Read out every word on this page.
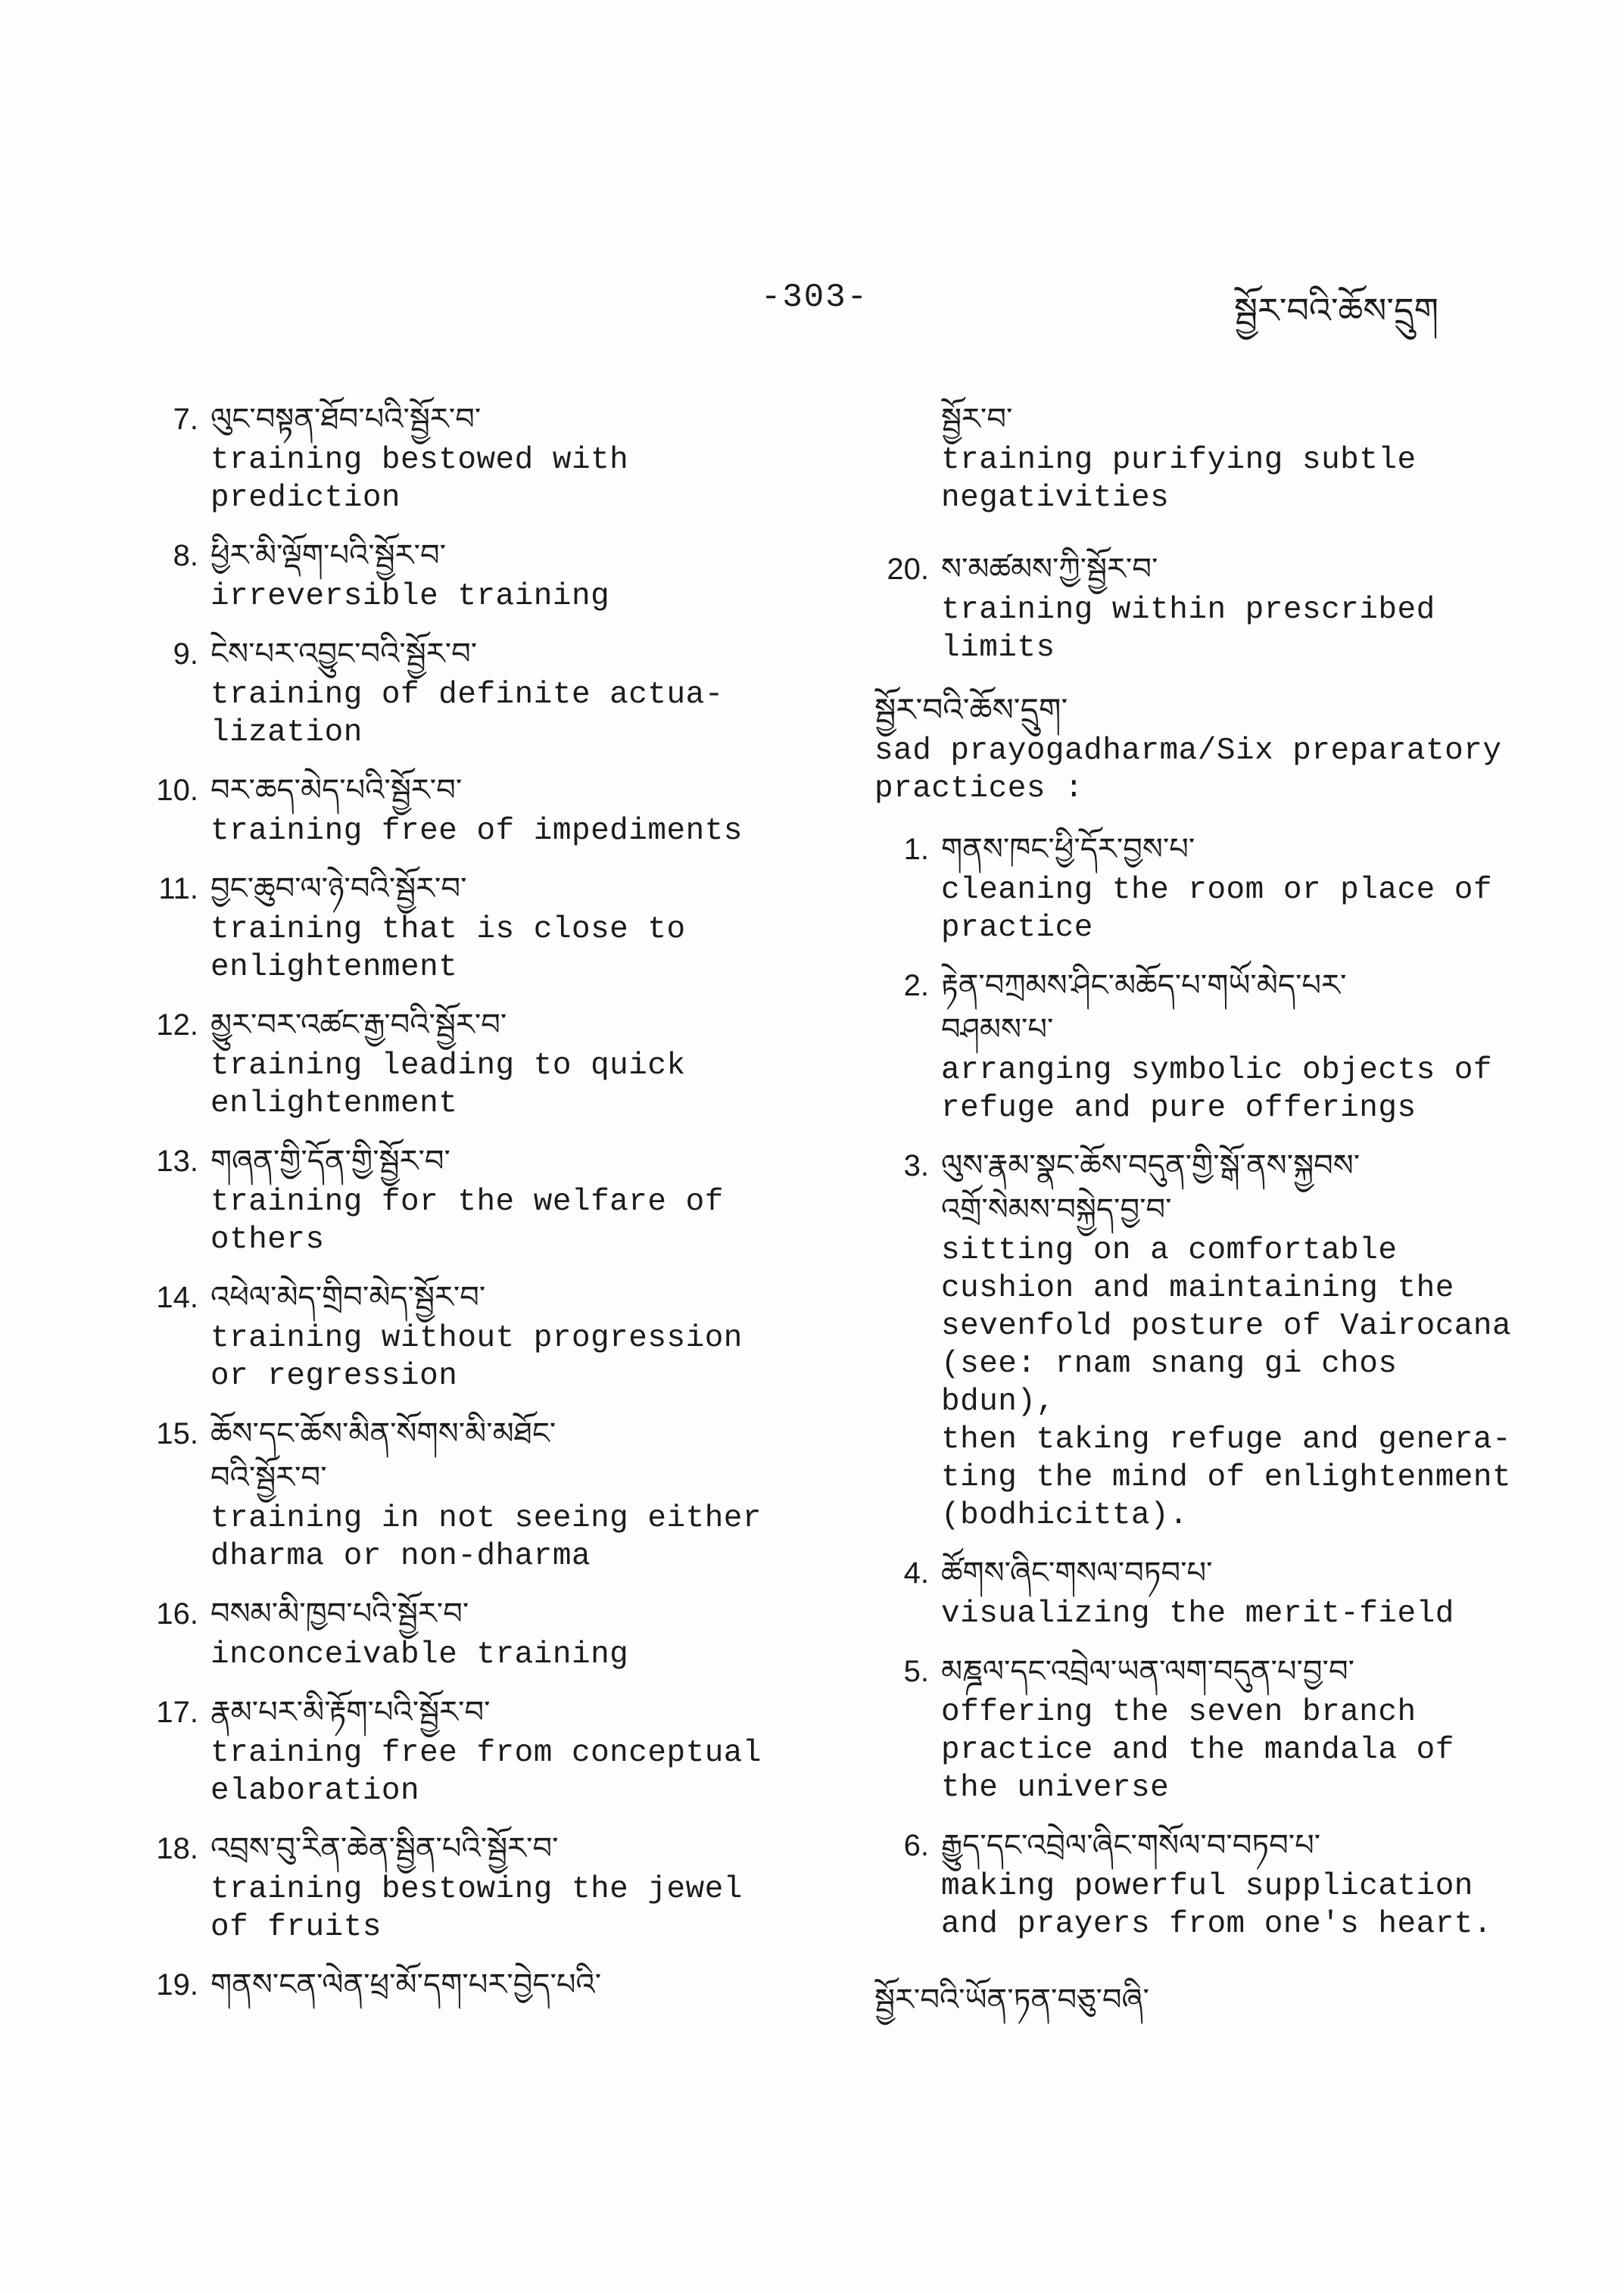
-303-	སྦྱོར་བའི་ཆོས་དྲུག
7. ལུང་བསྟན་ཐོབ་པའི་སྦྱོར་བ་
training bestowed with
prediction
8. ཕྱིར་མི་ལྡོག་པའི་སྦྱོར་བ་
irreversible training
9. ངེས་པར་འབྱུང་བའི་སྦྱོར་བ་
training of definite actua-
lization
10. བར་ཆད་མེད་པའི་སྦྱོར་བ་
training free of impediments
11. བྱང་ཆུབ་ལ་ཉེ་བའི་སྦྱོར་བ་
training that is close to
enlightenment
12. མྱུར་བར་འཚང་རྒྱ་བའི་སྦྱོར་བ་
training leading to quick
enlightenment
13. གཞན་གྱི་དོན་གྱི་སྦྱོར་བ་
training for the welfare of
others
14. འཕེལ་མེད་གྲིབ་མེད་སྦྱོར་བ་
training without progression
or regression
15. ཆོས་དང་ཆོས་མིན་སོགས་མི་མཐོང་
བའི་སྦྱོར་བ་
training in not seeing either
dharma or non-dharma
16. བསམ་མི་ཁྱབ་པའི་སྦྱོར་བ་
inconceivable training
17. རྣམ་པར་མི་རྟོག་པའི་སྦྱོར་བ་
training free from conceptual
elaboration
18. འབྲས་བུ་རིན་ཆེན་སྦྱིན་པའི་སྦྱོར་བ་
training bestowing the jewel
of fruits
19. གནས་ངན་ལེན་ཕྲ་མོ་དག་པར་བྱེད་པའི་
སྦྱོར་བ་
training purifying subtle
negativities
20. ས་མཚམས་ཀྱི་སྦྱོར་བ་
training within prescribed
limits
སྦྱོར་བའི་ཆོས་དྲུག་
sad prayogadharma/Six preparatory
practices :
1. གནས་ཁང་ཕྱི་དོར་བྱས་པ་
cleaning the room or place of
practice
2. རྟེན་བཀྲམས་ཤིང་མཆོད་པ་གཡོ་མེད་པར་
བཤམས་པ་
arranging symbolic objects of
refuge and pure offerings
3. ལུས་རྣམ་སྣང་ཆོས་བདུན་གྱི་སྒོ་ནས་སྐྱབས་
འགྲོ་སེམས་བསྐྱེད་བྱ་བ་
sitting on a comfortable
cushion and maintaining the
sevenfold posture of Vairocana
(see: rnam snang gi chos bdun),
then taking refuge and genera-
ting the mind of enlightenment
(bodhicitta).
4. ཚོགས་ཞིང་གསལ་བཏབ་པ་
visualizing the merit-field
5. མཎྜལ་དང་འབྲེལ་ཡན་ལག་བདུན་པ་བྱ་བ་
offering the seven branch
practice and the mandala of
the universe
6. རྒྱུད་དང་འབྲེལ་ཞིང་གསོལ་བ་བཏབ་པ་
making powerful supplication
and prayers from one's heart.
སྦྱོར་བའི་ཡོན་ཏན་བཅུ་བཞི་
